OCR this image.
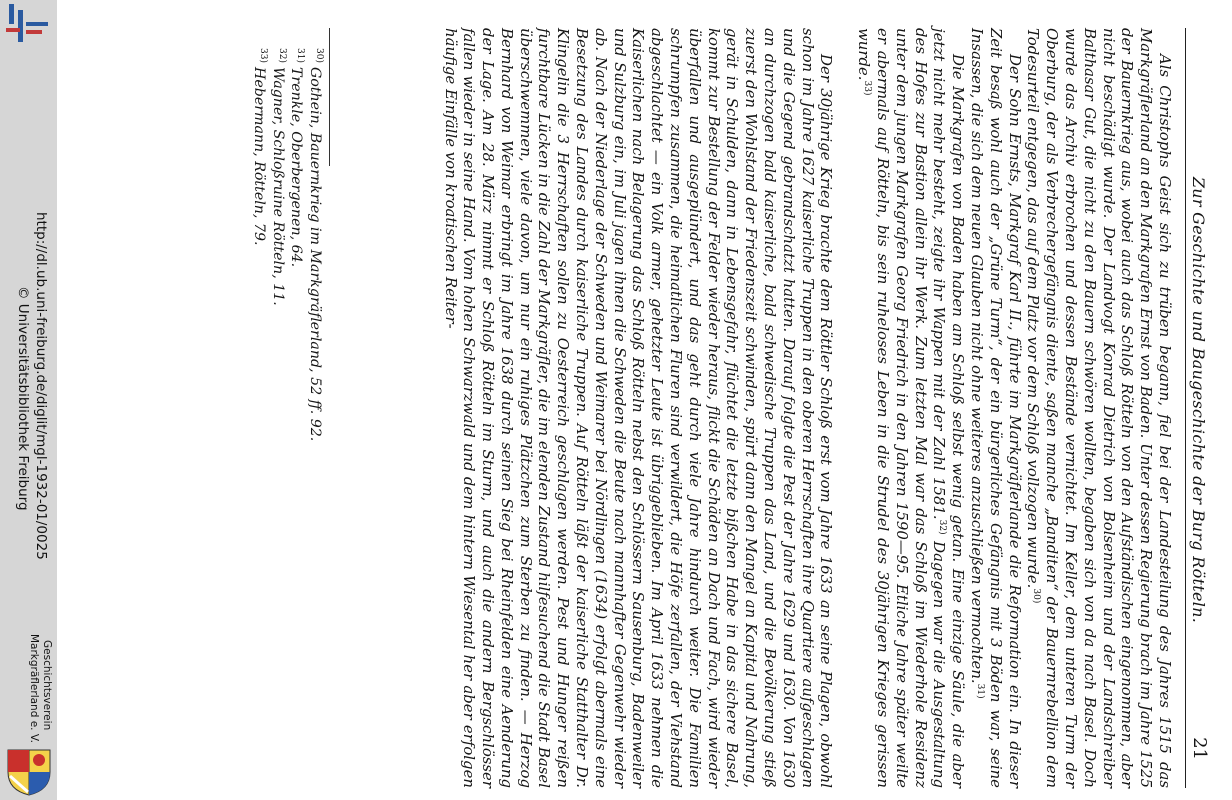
http://dl.ub.uni-freiburg.de/diglit/mgl-1932-01/0025
© Universitätsbibliothek Freiburg
Geschichtsverein
Markgräflerland e. V.
Zur Geschichte und Baugeschichte der Burg Rötteln.
21

Als Christophs Geist sich zu trüben begann, fiel bei der Landesteilung des Jahres 1515 das Markgräflerland an den Markgrafen Ernst von Baden. Unter dessen Regierung brach im Jahre 1525 der Bauernkrieg aus, wobei auch das Schloß Rötteln von den Aufständischen eingenommen, aber nicht beschädigt wurde. Der Landvogt Konrad Dietrich von Bolsenheim und der Landschreiber Balthasar Gut, die nicht zu den Bauern schwören wollten, begaben sich von da nach Basel. Doch wurde das Archiv erbrochen und dessen Bestände vernichtet. Im Keller, dem unteren Turm der Oberburg, der als Verbrechergefängnis diente, saßen manche „Banditen“ der Bauernrebellion dem Todesurteil entgegen, das auf dem Platz vor dem Schloß vollzogen wurde.$^{30)}$

Der Sohn Ernsts, Markgraf Karl II., führte im Markgräflerlande die Reformation ein. In dieser Zeit besaß wohl auch der „Grüne Turm“, der ein bürgerliches Gefängnis mit 3 Böden war, seine Insassen, die sich dem neuen Glauben nicht ohne weiteres anzuschließen vermochten.$^{31)}$

Die Markgrafen von Baden haben am Schloß selbst wenig getan. Eine einzige Säule, die aber jetzt nicht mehr besteht, zeigte ihr Wappen mit der Zahl 1581.$^{32)}$ Dagegen war die Ausgestaltung des Hofes zur Bastion allein ihr Werk. Zum letzten Mal war das Schloß im Wiederhole Residenz unter dem jungen Markgrafen Georg Friedrich in den Jahren 1590—95. Etliche Jahre später weilte er abermals auf Rötteln, bis sein ruheloses Leben in die Strudel des 30jährigen Krieges gerissen wurde.$^{33)}$

Der 30jährige Krieg brachte dem Röttler Schloß erst vom Jahre 1633 an seine Plagen, obwohl schon im Jahre 1627 kaiserliche Truppen in den oberen Herrschaften ihre Quartiere aufgeschlagen und die Gegend gebrandschatzt hatten. Darauf folgte die Pest der Jahre 1629 und 1630. Von 1630 an durchzogen bald kaiserliche, bald schwedische Truppen das Land, und die Bevölkerung stieß zuerst den Wohlstand der Friedenszeit schwinden, spürt dann den Mangel an Kapital und Nahrung, gerät in Schulden, dann in Lebensgefahr, flüchtet die letzte bißchen Habe in das sichere Basel, kommt zur Bestellung der Felder wieder heraus, flickt die Schäden an Dach und Fach, wird wieder überfallen und ausgeplündert, und das geht durch viele Jahre hindurch weiter. Die Familien schrumpfen zusammen, die heimatlichen Fluren sind verwildert, die Höfe zerfallen, der Viehstand abgeschlachtet — ein Volk armer, gehetzter Leute ist übriggeblieben. Im April 1633 nehmen die Kaiserlichen nach Belagerung das Schloß Rötteln nebst den Schlössern Sausenburg, Badenweiler und Sulzburg ein, im Juli jagen ihnen die Schweden die Beute nach mannhafter Gegenwehr wieder ab. Nach der Niederlage der Schweden und Weimarer bei Nördlingen (1634) erfolgt abermals eine Besetzung des Landes durch kaiserliche Truppen. Auf Rötteln läßt der kaiserliche Statthalter Dr. Klingelin die 3 Herrschaften sollen zu Oesterreich geschlagen werden. Pest und Hunger reißen furchtbare Lücken in die Zahl der Markgräfler, die im elenden Zustand hilfesuchend die Stadt Basel überschwemmen, viele davon, um nur ein ruhiges Plätzchen zum Sterben zu finden. — Herzog Bernhard von Weimar erbringt im Jahre 1638 durch seinen Sieg bei Rheinfelden eine Aenderung der Lage. Am 28. März nimmt er Schloß Rötteln im Sturm, und auch die andern Bergschlösser fallen wieder in seine Hand. Vom hohen Schwarzwald und dem hintern Wiesental her aber erfolgen häufige Einfälle von kroatischen Reiter-

$^{30)}$Gothein, Bauernkrieg im Markgräflerland, 52 ff. 92.

$^{31)}$Trenkle, Oberbergenen, 64.

$^{32)}$Wagner, Schloßruine Rötteln, 11.

$^{33)}$Hebermann, Rötteln, 79.
